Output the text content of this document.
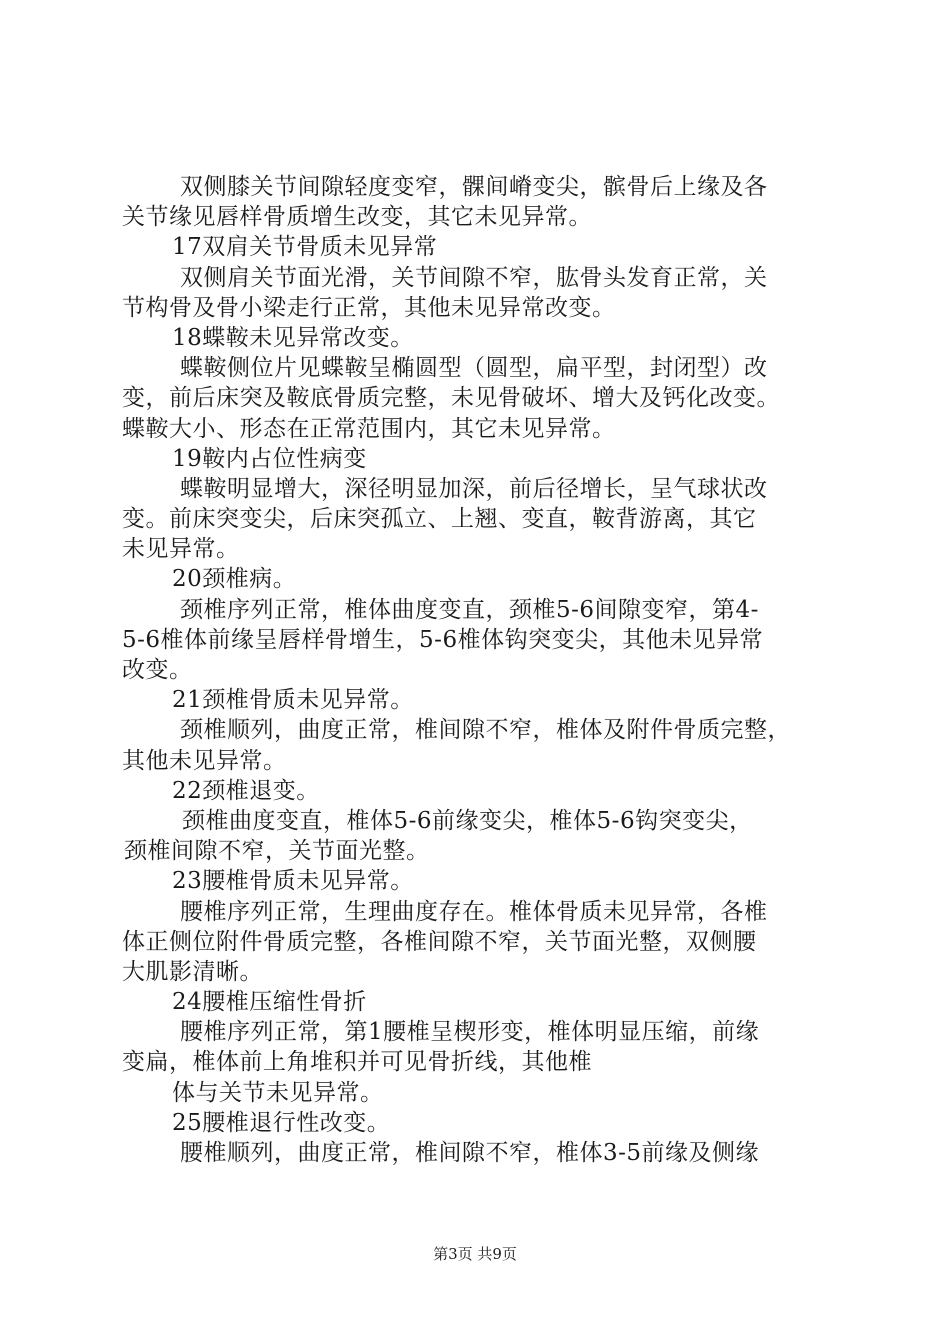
双侧膝关节间隙轻度变窄，髁间嵴变尖，髌骨后上缘及各
关节缘见唇样骨质增生改变，其它未见异常。
17双肩关节骨质未见异常
双侧肩关节面光滑，关节间隙不窄，肱骨头发育正常，关
节构骨及骨小梁走行正常，其他未见异常改变。
18蝶鞍未见异常改变。
蝶鞍侧位片见蝶鞍呈椭圆型（圆型，扁平型，封闭型）改
变，前后床突及鞍底骨质完整，未见骨破坏、增大及钙化改变。
蝶鞍大小、形态在正常范围内，其它未见异常。
19鞍内占位性病变
蝶鞍明显增大，深径明显加深，前后径增长，呈气球状改
变。前床突变尖，后床突孤立、上翘、变直，鞍背游离，其它
未见异常。
20颈椎病。
颈椎序列正常，椎体曲度变直，颈椎5-6间隙变窄，第4-
5-6椎体前缘呈唇样骨增生，5-6椎体钩突变尖，其他未见异常
改变。
21颈椎骨质未见异常。
颈椎顺列，曲度正常，椎间隙不窄，椎体及附件骨质完整，
其他未见异常。
22颈椎退变。
颈椎曲度变直，椎体5-6前缘变尖，椎体5-6钩突变尖，
颈椎间隙不窄，关节面光整。
23腰椎骨质未见异常。
腰椎序列正常，生理曲度存在。椎体骨质未见异常，各椎
体正侧位附件骨质完整，各椎间隙不窄，关节面光整，双侧腰
大肌影清晰。
24腰椎压缩性骨折
腰椎序列正常，第1腰椎呈楔形变，椎体明显压缩，前缘
变扁，椎体前上角堆积并可见骨折线，其他椎
体与关节未见异常。
25腰椎退行性改变。
腰椎顺列，曲度正常，椎间隙不窄，椎体3-5前缘及侧缘
第3页 共9页
